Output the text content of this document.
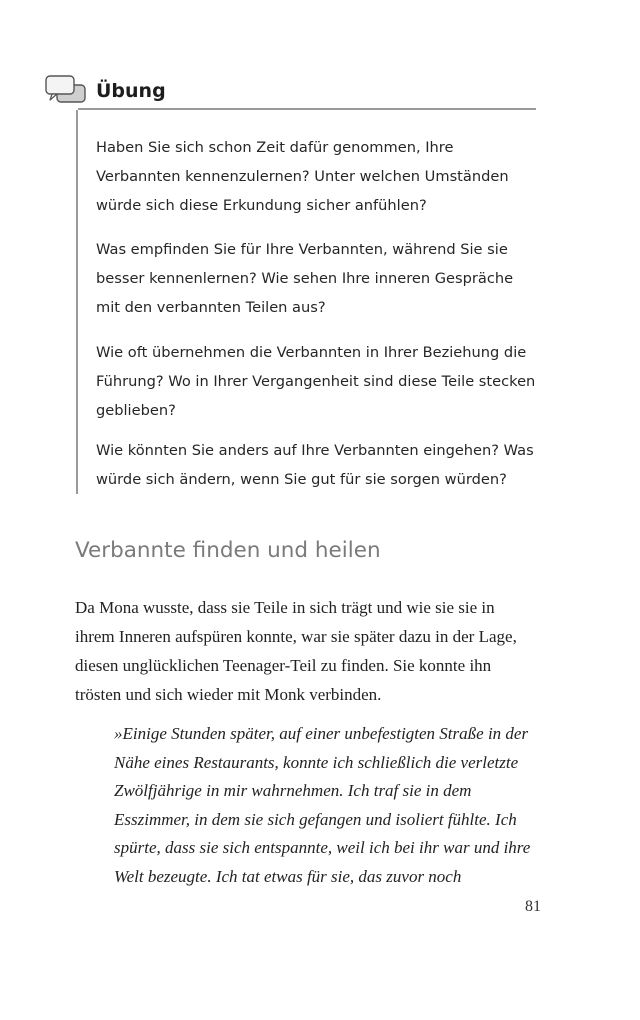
Übung

Haben Sie sich schon Zeit dafür genommen, Ihre Verbannten kennenzulernen? Unter welchen Umständen würde sich diese Erkundung sicher anfühlen?

Was empfinden Sie für Ihre Verbannten, während Sie sie besser kennenlernen? Wie sehen Ihre inneren Gespräche mit den verbannten Teilen aus?

Wie oft übernehmen die Verbannten in Ihrer Beziehung die Führung? Wo in Ihrer Vergangenheit sind diese Teile stecken geblieben?

Wie könnten Sie anders auf Ihre Verbannten eingehen? Was würde sich ändern, wenn Sie gut für sie sorgen würden?

Verbannte finden und heilen

Da Mona wusste, dass sie Teile in sich trägt und wie sie sie in ihrem Inneren aufspüren konnte, war sie später dazu in der Lage, diesen unglücklichen Teenager-Teil zu finden. Sie konnte ihn trösten und sich wieder mit Monk verbinden.

»Einige Stunden später, auf einer unbefestigten Straße in der Nähe eines Restaurants, konnte ich schließlich die verletzte Zwölfjährige in mir wahrnehmen. Ich traf sie in dem Esszimmer, in dem sie sich gefangen und isoliert fühlte. Ich spürte, dass sie sich entspannte, weil ich bei ihr war und ihre Welt bezeugte. Ich tat etwas für sie, das zuvor noch

81
